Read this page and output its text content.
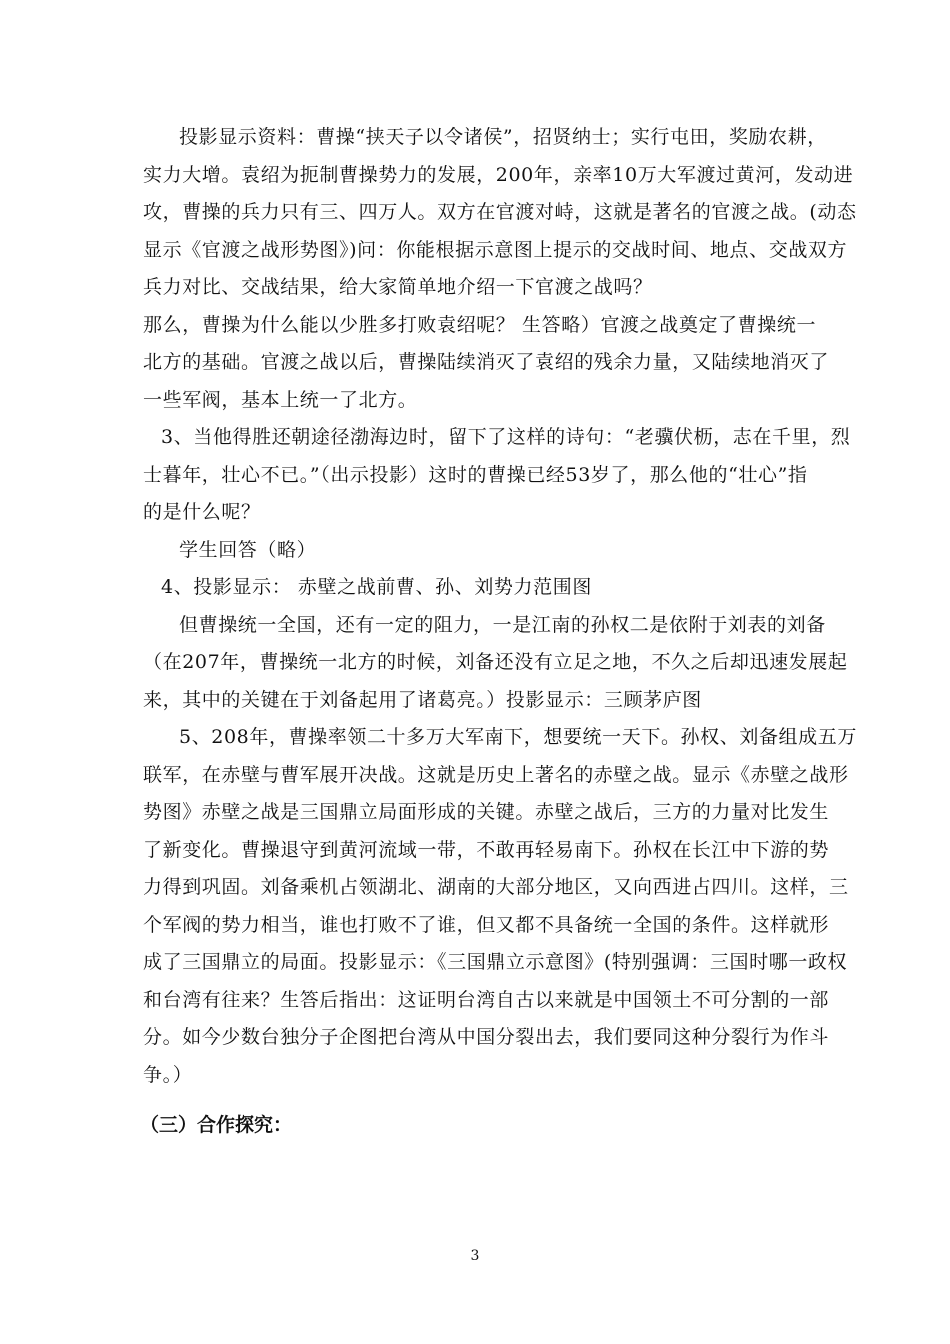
投影显示资料：曹操“挟天子以令诸侯”，招贤纳士；实行屯田，奖励农耕，
实力大增。袁绍为扼制曹操势力的发展，200年，亲率10万大军渡过黄河，发动进
攻，曹操的兵力只有三、四万人。双方在官渡对峙，这就是著名的官渡之战。(动态
显示《官渡之战形势图》)问：你能根据示意图上提示的交战时间、地点、交战双方
兵力对比、交战结果，给大家简单地介绍一下官渡之战吗？
那么，曹操为什么能以少胜多打败袁绍呢？ 生答略）官渡之战奠定了曹操统一
北方的基础。官渡之战以后，曹操陆续消灭了袁绍的残余力量，又陆续地消灭了
一些军阀，基本上统一了北方。
3、当他得胜还朝途径渤海边时，留下了这样的诗句：“老骥伏枥，志在千里，烈
士暮年，壮心不已。”（出示投影）这时的曹操已经53岁了，那么他的“壮心”指
的是什么呢？
学生回答（略）
4、投影显示： 赤壁之战前曹、孙、刘势力范围图
但曹操统一全国，还有一定的阻力，一是江南的孙权二是依附于刘表的刘备
（在207年，曹操统一北方的时候，刘备还没有立足之地，不久之后却迅速发展起
来，其中的关键在于刘备起用了诸葛亮。）投影显示：三顾茅庐图
5、208年，曹操率领二十多万大军南下，想要统一天下。孙权、刘备组成五万
联军，在赤壁与曹军展开决战。这就是历史上著名的赤壁之战。显示《赤壁之战形
势图》赤壁之战是三国鼎立局面形成的关键。赤壁之战后，三方的力量对比发生
了新变化。曹操退守到黄河流域一带，不敢再轻易南下。孙权在长江中下游的势
力得到巩固。刘备乘机占领湖北、湖南的大部分地区，又向西进占四川。这样，三
个军阀的势力相当，谁也打败不了谁，但又都不具备统一全国的条件。这样就形
成了三国鼎立的局面。投影显示：《三国鼎立示意图》(特别强调：三国时哪一政权
和台湾有往来？生答后指出：这证明台湾自古以来就是中国领土不可分割的一部
分。如今少数台独分子企图把台湾从中国分裂出去，我们要同这种分裂行为作斗
争。）
（三）合作探究：
3
